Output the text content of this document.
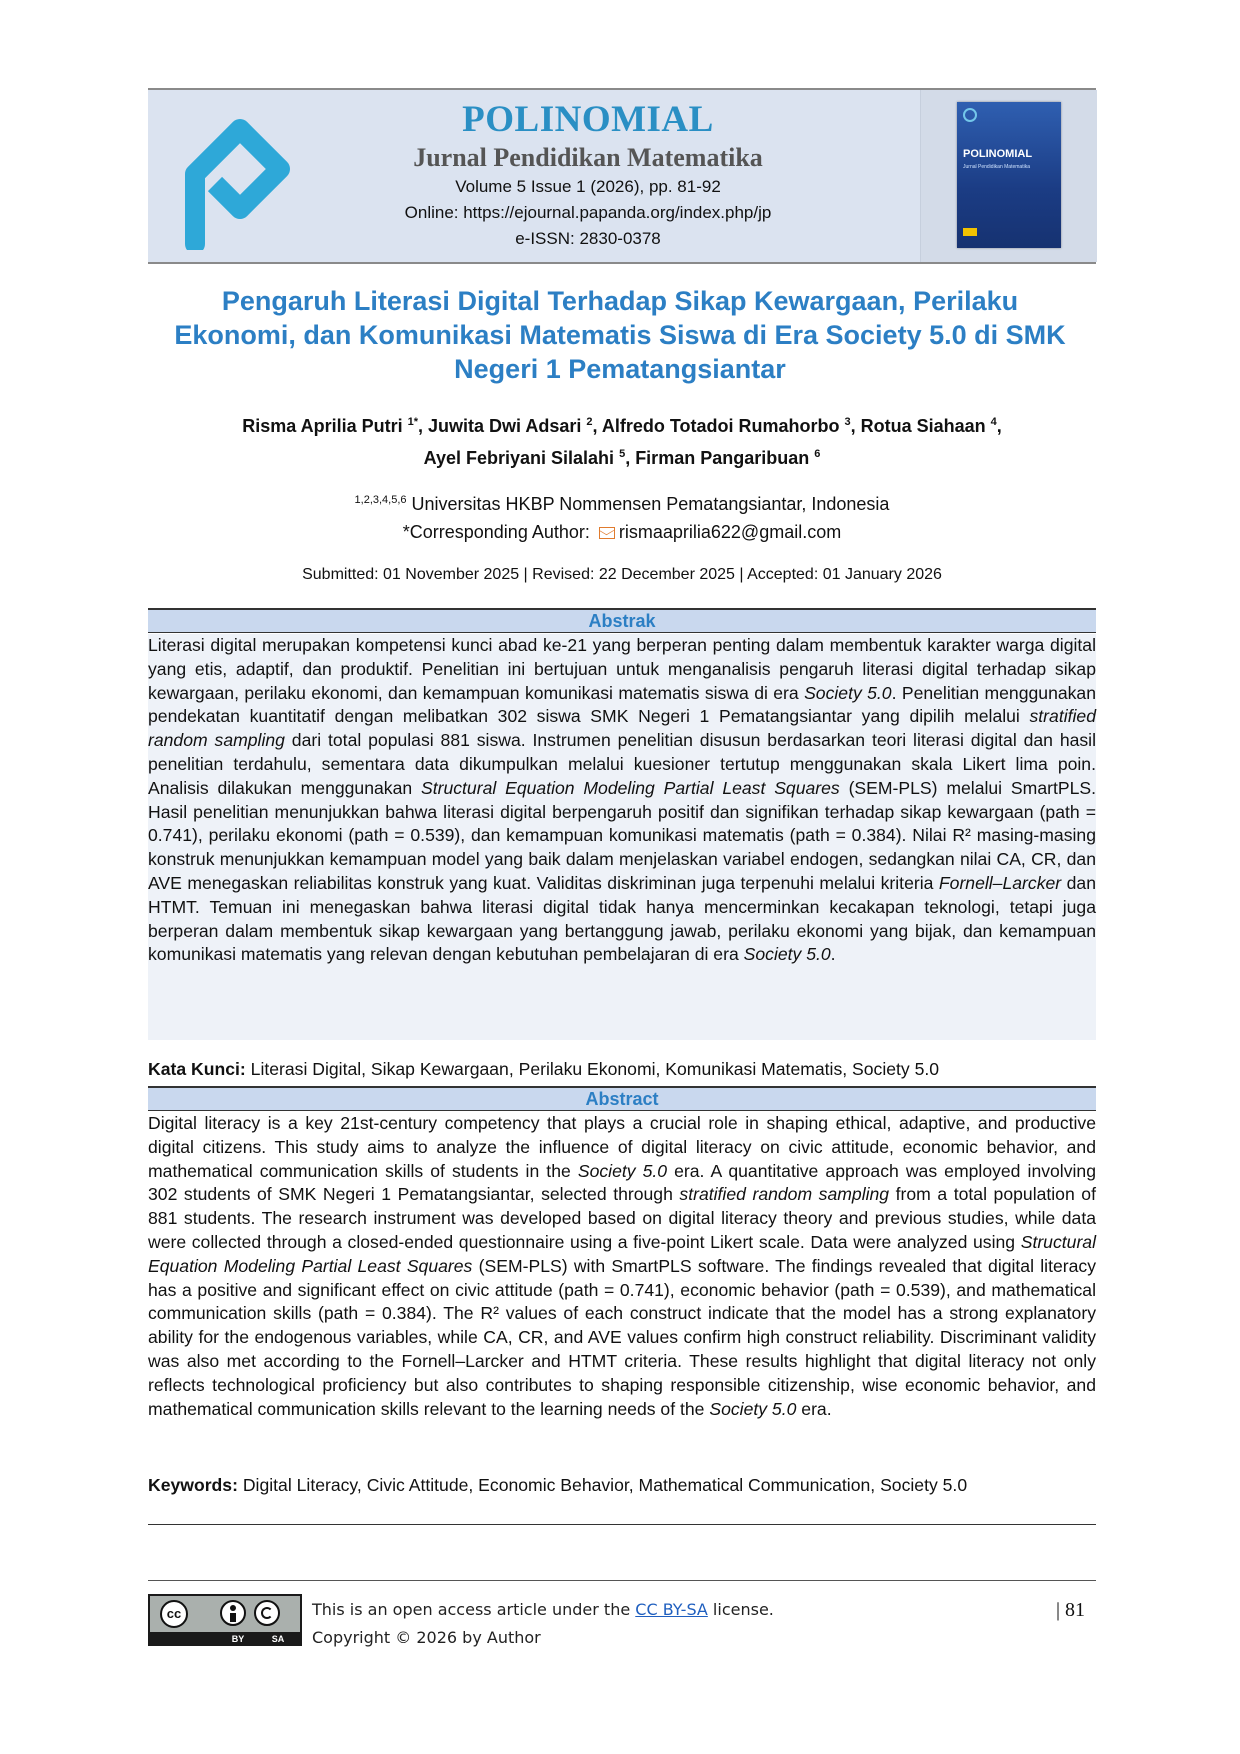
POLINOMIAL
Jurnal Pendidikan Matematika
Volume 5 Issue 1 (2026), pp. 81-92
Online: https://ejournal.papanda.org/index.php/jp
e-ISSN: 2830-0378
POLINOMIAL
Jurnal Pendidikan Matematika
Pengaruh Literasi Digital Terhadap Sikap Kewargaan, Perilaku Ekonomi, dan Komunikasi Matematis Siswa di Era Society 5.0 di SMK Negeri 1 Pematangsiantar
Risma Aprilia Putri $^{1*}$, Juwita Dwi Adsari $^2$, Alfredo Totadoi Rumahorbo $^3$, Rotua Siahaan $^4$,
Ayel Febriyani Silalahi $^5$, Firman Pangaribuan $^6$
$^{1,2,3,4,5,6}$ Universitas HKBP Nommensen Pematangsiantar, Indonesia
*Corresponding Author: rismaaprilia622@gmail.com
Submitted: 01 November 2025 | Revised: 22 December 2025 | Accepted: 01 January 2026
Abstrak
Literasi digital merupakan kompetensi kunci abad ke-21 yang berperan penting dalam membentuk karakter warga digital yang etis, adaptif, dan produktif. Penelitian ini bertujuan untuk menganalisis pengaruh literasi digital terhadap sikap kewargaan, perilaku ekonomi, dan kemampuan komunikasi matematis siswa di era Society 5.0. Penelitian menggunakan pendekatan kuantitatif dengan melibatkan 302 siswa SMK Negeri 1 Pematangsiantar yang dipilih melalui stratified random sampling dari total populasi 881 siswa. Instrumen penelitian disusun berdasarkan teori literasi digital dan hasil penelitian terdahulu, sementara data dikumpulkan melalui kuesioner tertutup menggunakan skala Likert lima poin. Analisis dilakukan menggunakan Structural Equation Modeling Partial Least Squares (SEM-PLS) melalui SmartPLS. Hasil penelitian menunjukkan bahwa literasi digital berpengaruh positif dan signifikan terhadap sikap kewargaan (path = 0.741), perilaku ekonomi (path = 0.539), dan kemampuan komunikasi matematis (path = 0.384). Nilai R² masing-masing konstruk menunjukkan kemampuan model yang baik dalam menjelaskan variabel endogen, sedangkan nilai CA, CR, dan AVE menegaskan reliabilitas konstruk yang kuat. Validitas diskriminan juga terpenuhi melalui kriteria Fornell–Larcker dan HTMT. Temuan ini menegaskan bahwa literasi digital tidak hanya mencerminkan kecakapan teknologi, tetapi juga berperan dalam membentuk sikap kewargaan yang bertanggung jawab, perilaku ekonomi yang bijak, dan kemampuan komunikasi matematis yang relevan dengan kebutuhan pembelajaran di era Society 5.0.
Kata Kunci: Literasi Digital, Sikap Kewargaan, Perilaku Ekonomi, Komunikasi Matematis, Society 5.0
Abstract
Digital literacy is a key 21st-century competency that plays a crucial role in shaping ethical, adaptive, and productive digital citizens. This study aims to analyze the influence of digital literacy on civic attitude, economic behavior, and mathematical communication skills of students in the Society 5.0 era. A quantitative approach was employed involving 302 students of SMK Negeri 1 Pematangsiantar, selected through stratified random sampling from a total population of 881 students. The research instrument was developed based on digital literacy theory and previous studies, while data were collected through a closed-ended questionnaire using a five-point Likert scale. Data were analyzed using Structural Equation Modeling Partial Least Squares (SEM-PLS) with SmartPLS software. The findings revealed that digital literacy has a positive and significant effect on civic attitude (path = 0.741), economic behavior (path = 0.539), and mathematical communication skills (path = 0.384). The R² values of each construct indicate that the model has a strong explanatory ability for the endogenous variables, while CA, CR, and AVE values confirm high construct reliability. Discriminant validity was also met according to the Fornell–Larcker and HTMT criteria. These results highlight that digital literacy not only reflects technological proficiency but also contributes to shaping responsible citizenship, wise economic behavior, and mathematical communication skills relevant to the learning needs of the Society 5.0 era.
Keywords: Digital Literacy, Civic Attitude, Economic Behavior, Mathematical Communication, Society 5.0
cc
BY	SA
This is an open access article under the CC BY-SA license.
Copyright © 2026 by Author
| 81
